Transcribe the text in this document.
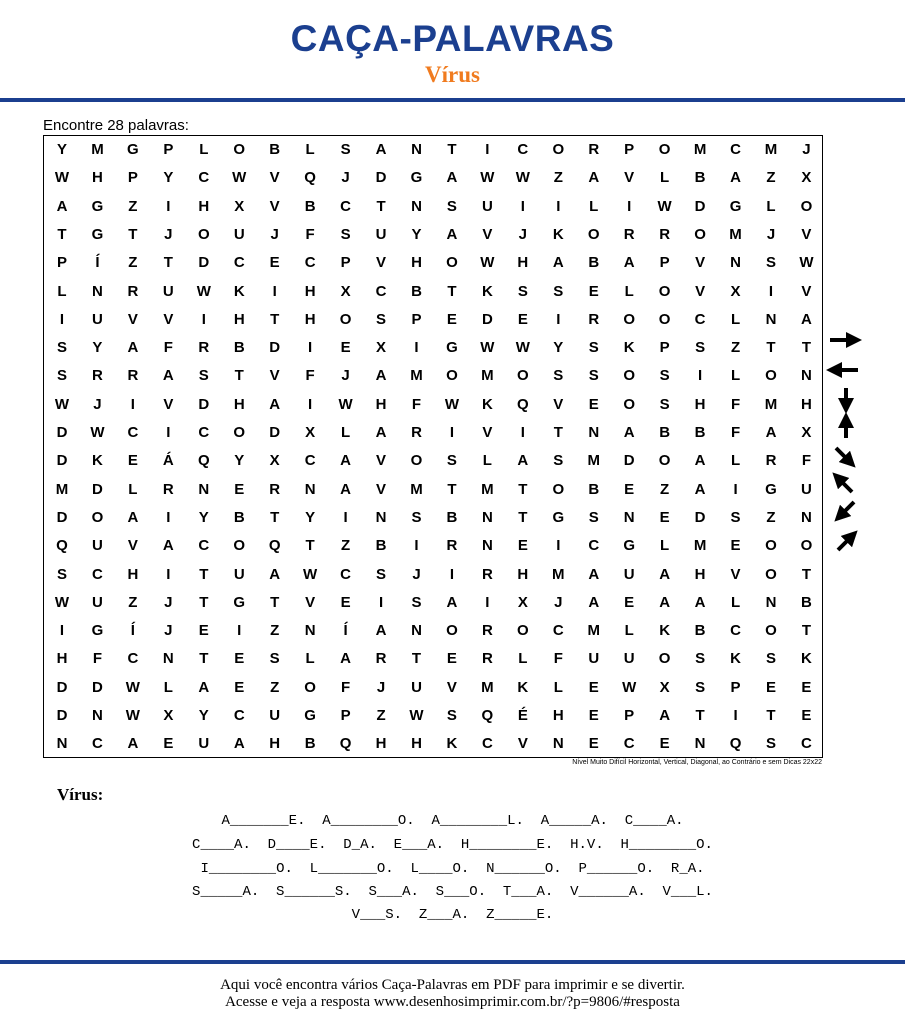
CAÇA-PALAVRAS
Vírus
Encontre 28 palavras:
Y	M	G	P	L	O	B	L	S	A	N	T	I	C	O	R	P	O	M	C	M	J
W	H	P	Y	C	W	V	Q	J	D	G	A	W	W	Z	A	V	L	B	A	Z	X
A	G	Z	I	H	X	V	B	C	T	N	S	U	I	I	L	I	W	D	G	L	O
T	G	T	J	O	U	J	F	S	U	Y	A	V	J	K	O	R	R	O	M	J	V
P	Í	Z	T	D	C	E	C	P	V	H	O	W	H	A	B	A	P	V	N	S	W
L	N	R	U	W	K	I	H	X	C	B	T	K	S	S	E	L	O	V	X	I	V
I	U	V	V	I	H	T	H	O	S	P	E	D	E	I	R	O	O	C	L	N	A
S	Y	A	F	R	B	D	I	E	X	I	G	W	W	Y	S	K	P	S	Z	T	T
S	R	R	A	S	T	V	F	J	A	M	O	M	O	S	S	O	S	I	L	O	N
W	J	I	V	D	H	A	I	W	H	F	W	K	Q	V	E	O	S	H	F	M	H
D	W	C	I	C	O	D	X	L	A	R	I	V	I	T	N	A	B	B	F	A	X
D	K	E	Á	Q	Y	X	C	A	V	O	S	L	A	S	M	D	O	A	L	R	F
M	D	L	R	N	E	R	N	A	V	M	T	M	T	O	B	E	Z	A	I	G	U
D	O	A	I	Y	B	T	Y	I	N	S	B	N	T	G	S	N	E	D	S	Z	N
Q	U	V	A	C	O	Q	T	Z	B	I	R	N	E	I	C	G	L	M	E	O	O
S	C	H	I	T	U	A	W	C	S	J	I	R	H	M	A	U	A	H	V	O	T
W	U	Z	J	T	G	T	V	E	I	S	A	I	X	J	A	E	A	A	L	N	B
I	G	Í	J	E	I	Z	N	Í	A	N	O	R	O	C	M	L	K	B	C	O	T
H	F	C	N	T	E	S	L	A	R	T	E	R	L	F	U	U	O	S	K	S	K
D	D	W	L	A	E	Z	O	F	J	U	V	M	K	L	E	W	X	S	P	E	E
D	N	W	X	Y	C	U	G	P	Z	W	S	Q	É	H	E	P	A	T	I	T	E
N	C	A	E	U	A	H	B	Q	H	H	K	C	V	N	E	C	E	N	Q	S	C
Nível Muito Difícil Horizontal, Vertical, Diagonal, ao Contrário e sem Dicas 22x22
Vírus:
A_______E.  A________O.  A________L.  A_____A.  C____A.
C____A.  D____E.  D_A.  E___A.  H________E.  H.V.  H________O.
I________O.  L_______O.  L____O.  N______O.  P______O.  R_A.
S_____A.  S______S.  S___A.  S___O.  T___A.  V______A.  V___L.
V___S.  Z___A.  Z_____E.
Aqui você encontra vários Caça-Palavras em PDF para imprimir e se divertir.
Acesse e veja a resposta www.desenhosimprimir.com.br/?p=9806/#resposta
